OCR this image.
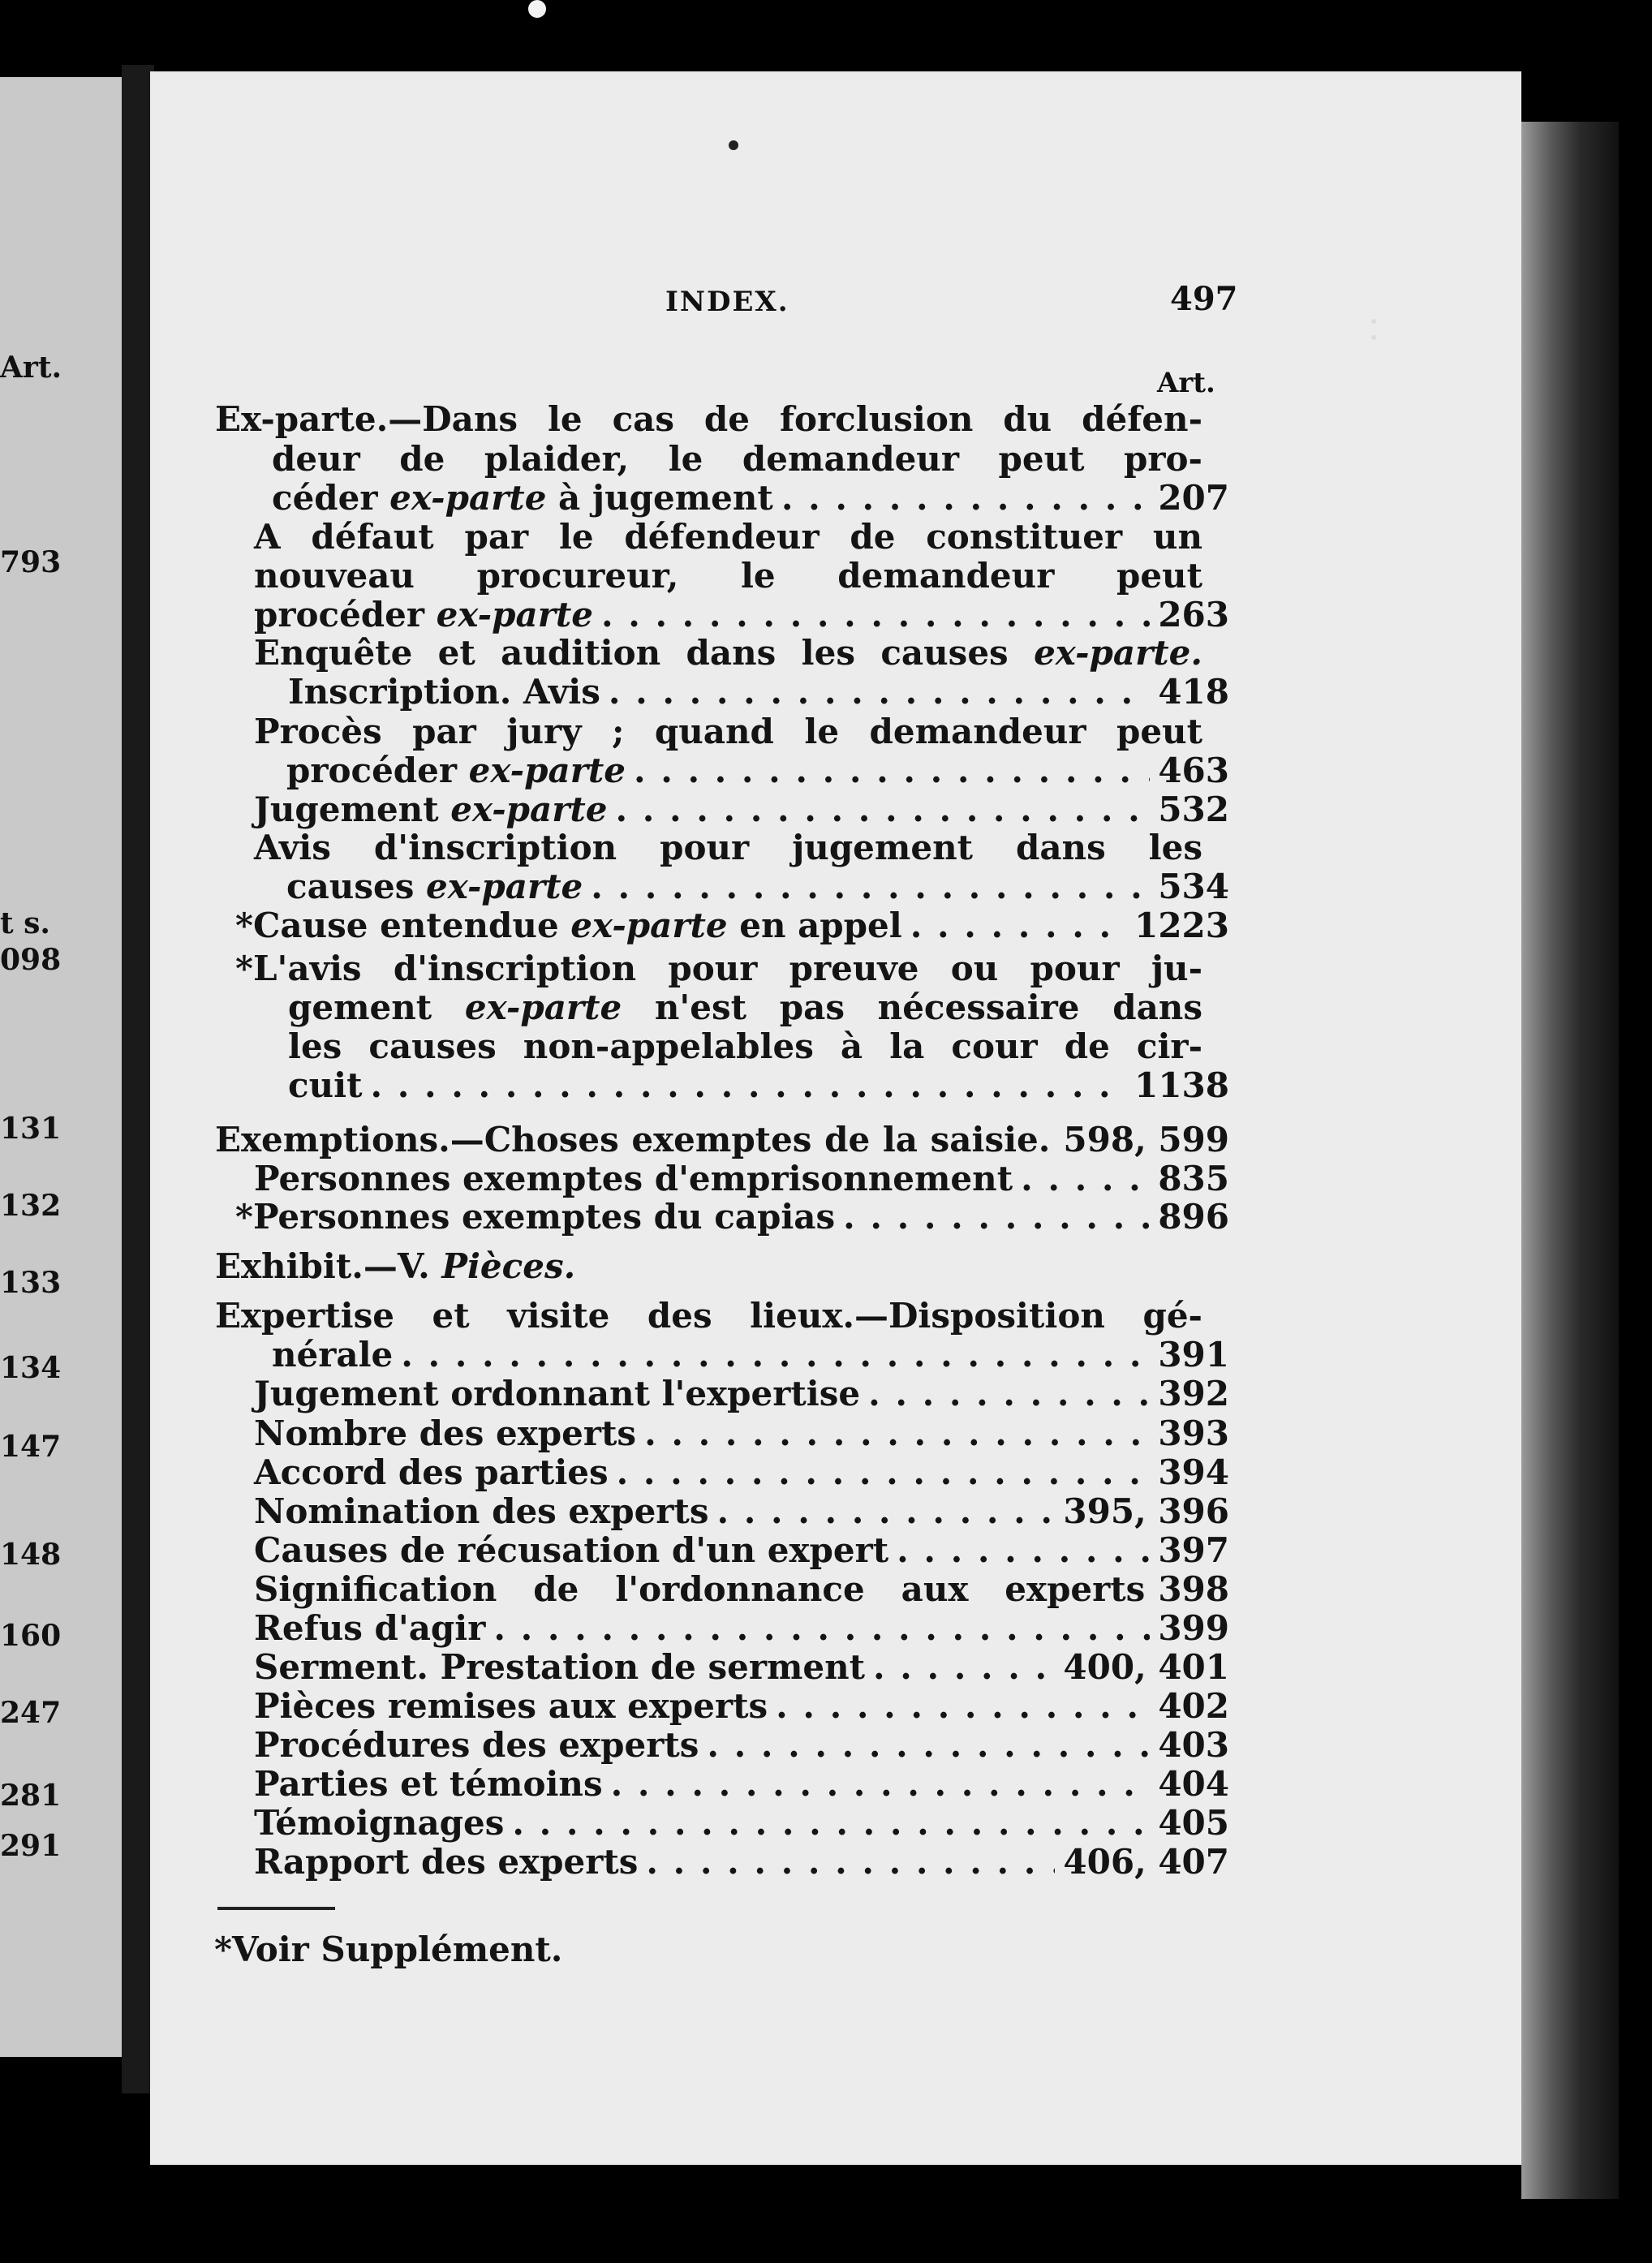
Art.
793
t s.
098
131
132
133
134
147
148
160
247
281
291
INDEX.	497
Art.
Ex-parte.—Dans le cas de forclusion du défen-
deur de plaider, le demandeur peut pro-
céder ex-parte à jugement . . .	207
A défaut par le défendeur de constituer un
nouveau procureur, le demandeur peut
procéder ex-parte . . .	263
Enquête et audition dans les causes ex-parte.
Inscription. Avis . . .	418
Procès par jury ; quand le demandeur peut
procéder ex-parte . . .	463
Jugement ex-parte . . .	532
Avis d'inscription pour jugement dans les
causes ex-parte . . .	534
*Cause entendue ex-parte en appel . . .	1223
*L'avis d'inscription pour preuve ou pour ju-
gement ex-parte n'est pas nécessaire dans
les causes non-appelables à la cour de cir-
cuit . . .	1138
Exemptions.—Choses exemptes de la saisie. 598, 599
Personnes exemptes d'emprisonnement . . .	835
*Personnes exemptes du capias . . .	896
Exhibit.—V. Pièces.
Expertise et visite des lieux.—Disposition gé-
nérale . . .	391
Jugement ordonnant l'expertise . . .	392
Nombre des experts . . .	393
Accord des parties . . .	394
Nomination des experts . . .	395, 396
Causes de récusation d'un expert . . .	397
Signification de l'ordonnance aux experts 398
Refus d'agir . . .	399
Serment. Prestation de serment . . .	400, 401
Pièces remises aux experts . . .	402
Procédures des experts . . .	403
Parties et témoins . . .	404
Témoignages . . .	405
Rapport des experts . . .	406, 407
*Voir Supplément.
